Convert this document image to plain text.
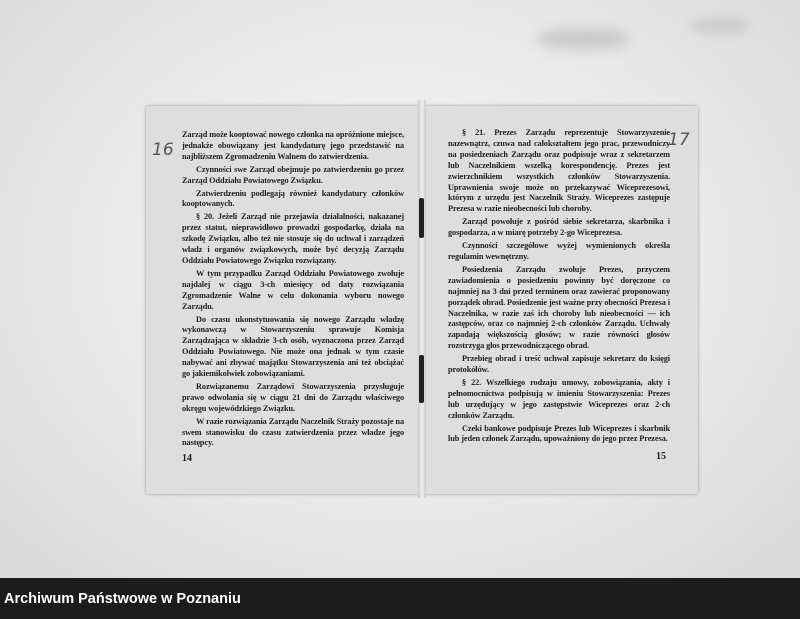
16	17

Zarząd może kooptować nowego członka na opróżnione miejsce, jednakże obowiązany jest kandydaturę jego przedstawić na najbliższem Zgromadzeniu Walnem do zatwierdzenia.

Czynności swe Zarząd obejmuje po zatwierdzeniu go przez Zarząd Oddziału Powiatowego Związku.

Zatwierdzeniu podlegają również kandydatury członków kooptowanych.

§ 20. Jeżeli Zarząd nie przejawia działalności, nakazanej przez statut, nieprawidłowo prowadzi gospodarkę, działa na szkodę Związku, albo też nie stosuje się do uchwał i zarządzeń władz i organów związkowych, może być decyzją Zarządu Oddziału Powiatowego Związku rozwiązany.

W tym przypadku Zarząd Oddziału Powiatowego zwołuje najdalej w ciągu 3-ch miesięcy od daty rozwiązania Zgromadzenie Walne w celu dokonania wyboru nowego Zarządu.

Do czasu ukonstytuowania się nowego Zarządu władzę wykonawczą w Stowarzyszeniu sprawuje Komisja Zarządzająca w składzie 3-ch osób, wyznaczona przez Zarząd Oddziału Powiatowego. Nie może ona jednak w tym czasie nabywać ani zbywać majątku Stowarzyszenia ani też obciążać go jakiemikolwiek zobowiązaniami.

Rozwiązanemu Zarządowi Stowarzyszenia przysługuje prawo odwołania się w ciągu 21 dni do Zarządu właściwego okręgu wojewódzkiego Związku.

W razie rozwiązania Zarządu Naczelnik Straży pozostaje na swem stanowisku do czasu zatwierdzenia przez władze jego następcy.

14

§ 21. Prezes Zarządu reprezentuje Stowarzyszenie nazewnątrz, czuwa nad całokształtem jego prac, przewodniczy na posiedzeniach Zarządu oraz podpisuje wraz z sekretarzem lub Naczelnikiem wszelką korespondencję. Prezes jest zwierzchnikiem wszystkich członków Stowarzyszenia. Uprawnienia swoje może on przekazywać Wiceprezesowi, którym z urzędu jest Naczelnik Straży. Wiceprezes zastępuje Prezesa w razie nieobecności lub choroby.

Zarząd powołuje z pośród siebie sekretarza, skarbnika i gospodarza, a w miarę potrzeby 2-go Wiceprezesa.

Czynności szczegółowe wyżej wymienionych określa regulamin wewnętrzny.

Posiedzenia Zarządu zwołuje Prezes, przyczem zawiadomienia o posiedzeniu powinny być doręczone co najmniej na 3 dni przed terminem oraz zawierać proponowany porządek obrad. Posiedzenie jest ważne przy obecności Prezesa i Naczelnika, w razie zaś ich choroby lub nieobecności — ich zastępców, oraz co najmniej 2-ch członków Zarządu. Uchwały zapadają większością głosów; w razie równości głosów rozstrzyga głos przewodniczącego obrad.

Przebieg obrad i treść uchwał zapisuje sekretarz do księgi protokółów.

§ 22. Wszelkiego rodzaju umowy, zobowiązania, akty i pełnomocnictwa podpisują w imieniu Stowarzyszenia: Prezes lub urzędujący w jego zastępstwie Wiceprezes oraz 2-ch członków Zarządu.

Czeki bankowe podpisuje Prezes lub Wiceprezes i skarbnik lub jeden członek Zarządu, upoważniony do jego przez Prezesa.

15
Archiwum Państwowe w Poznaniu
